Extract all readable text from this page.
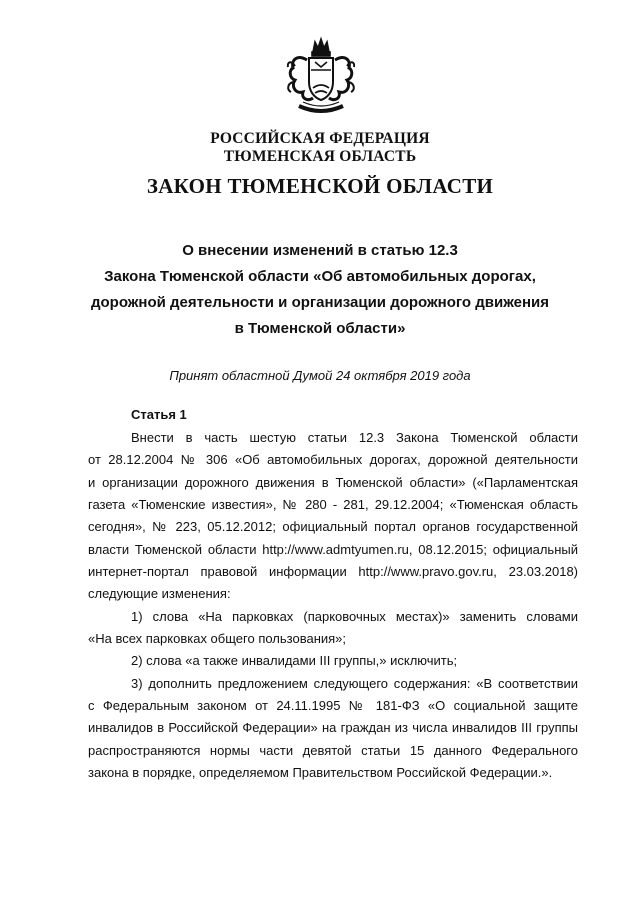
РОССИЙСКАЯ ФЕДЕРАЦИЯ
ТЮМЕНСКАЯ ОБЛАСТЬ
ЗАКОН ТЮМЕНСКОЙ ОБЛАСТИ
О внесении изменений в статью 12.3
Закона Тюменской области «Об автомобильных дорогах,
дорожной деятельности и организации дорожного движения
в Тюменской области»
Принят областной Думой 24 октября 2019 года
Статья 1
Внести в часть шестую статьи 12.3 Закона Тюменской области
от 28.12.2004 № 306 «Об автомобильных дорогах, дорожной деятельности
и организации дорожного движения в Тюменской области» («Парламентская
газета «Тюменские известия», № 280 - 281, 29.12.2004; «Тюменская область
сегодня», № 223, 05.12.2012; официальный портал органов государственной
власти Тюменской области http://www.admtyumen.ru, 08.12.2015; официальный
интернет-портал правовой информации http://www.pravo.gov.ru, 23.03.2018)
следующие изменения:
1) слова «На парковках (парковочных местах)» заменить словами
«На всех парковках общего пользования»;
2) слова «а также инвалидами III группы,» исключить;
3) дополнить предложением следующего содержания: «В соответствии
с Федеральным законом от 24.11.1995 № 181-ФЗ «О социальной защите
инвалидов в Российской Федерации» на граждан из числа инвалидов III группы
распространяются нормы части девятой статьи 15 данного Федерального
закона в порядке, определяемом Правительством Российской Федерации.».
